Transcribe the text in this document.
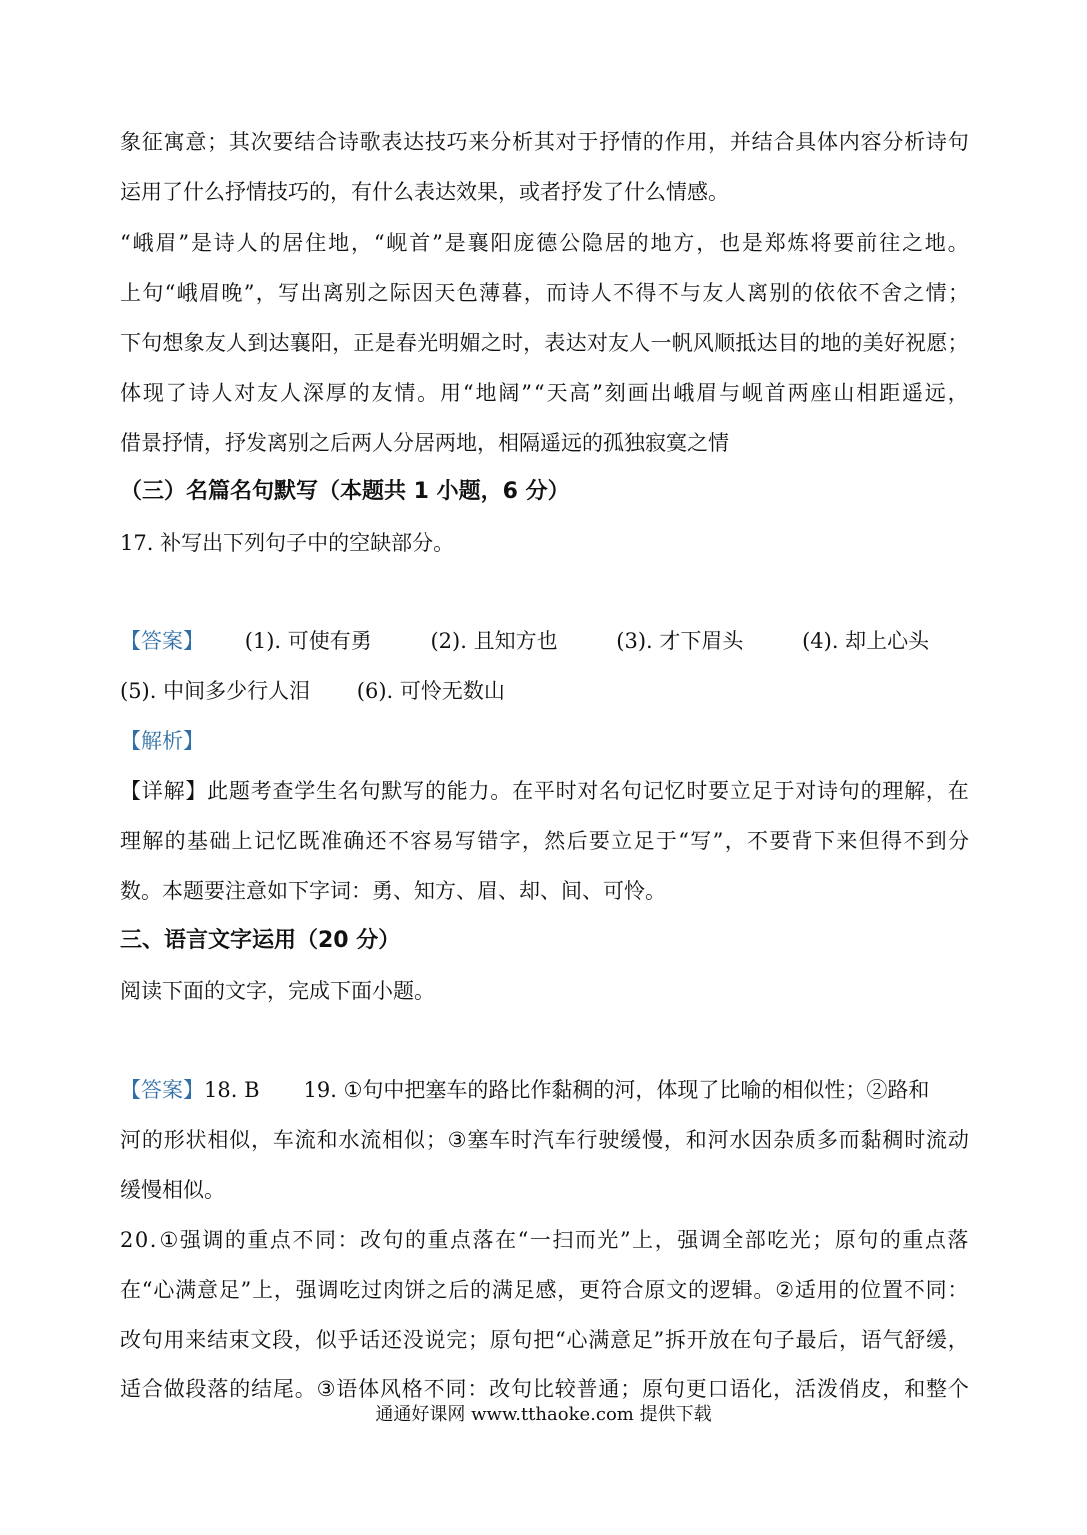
象 征 寓 意 ； 其 次 要 结 合 诗 歌 表 达 技 巧 来 分 析 其 对 于 抒 情 的 作 用 ， 并 结 合 具 体 内 容 分 析 诗 句
运用了什么抒情技巧的，有什么表达效果，或者抒发了什么情感。
“ 峨 眉 ” 是 诗 人 的 居 住 地 ， “ 岘 首 ” 是 襄 阳 庞 德 公 隐 居 的 地 方 ， 也 是 郑 炼 将 要 前 往 之 地 。
上 句 “ 峨 眉 晚 ” ， 写 出 离 别 之 际 因 天 色 薄 暮 ， 而 诗 人 不 得 不 与 友 人 离 别 的 依 依 不 舍 之 情 ；
下 句 想 象 友 人 到 达 襄 阳 ， 正 是 春 光 明 媚 之 时 ， 表 达 对 友 人 一 帆 风 顺 抵 达 目 的 地 的 美 好 祝 愿 ；
体 现 了 诗 人 对 友 人 深 厚 的 友 情 。 用 “ 地 阔 ” “ 天 高 ” 刻 画 出 峨 眉 与 岘 首 两 座 山 相 距 遥 远 ，
借景抒情，抒发离别之后两人分居两地，相隔遥远的孤独寂寞之情
（三）名篇名句默写（本题共 1 小题，6 分）
17. 补写出下列句子中的空缺部分。
【答案】 (1). 可使有勇	(2). 且知方也	(3). 才下眉头	(4). 却上心头
(5). 中间多少行人泪 (6). 可怜无数山
【解析】
【 详 解 】 此 题 考 查 学 生 名 句 默 写 的 能 力 。 在 平 时 对 名 句 记 忆 时 要 立 足 于 对 诗 句 的 理 解 ， 在
理 解 的 基 础 上 记 忆 既 准 确 还 不 容 易 写 错 字 ， 然 后 要 立 足 于 “ 写 ” ， 不 要 背 下 来 但 得 不 到 分
数。本题要注意如下字词：勇、知方、眉、却、间、可怜。
三、语言文字运用（20 分）
阅读下面的文字，完成下面小题。
【答案】18. B 19. ①句中把塞车的路比作黏稠的河，体现了比喻的相似性；②路和
河 的 形 状 相 似 ， 车 流 和 水 流 相 似 ； ③ 塞 车 时 汽 车 行 驶 缓 慢 ， 和 河 水 因 杂 质 多 而 黏 稠 时 流 动
缓慢相似。
2 0 . ① 强 调 的 重 点 不 同 ： 改 句 的 重 点 落 在 “ 一 扫 而 光 ” 上 ， 强 调 全 部 吃 光 ； 原 句 的 重 点 落
在 “ 心 满 意 足 ” 上 ， 强 调 吃 过 肉 饼 之 后 的 满 足 感 ， 更 符 合 原 文 的 逻 辑 。 ② 适 用 的 位 置 不 同 ：
改 句 用 来 结 束 文 段 ， 似 乎 话 还 没 说 完 ； 原 句 把 “ 心 满 意 足 ” 拆 开 放 在 句 子 最 后 ， 语 气 舒 缓 ，
适 合 做 段 落 的 结 尾 。 ③ 语 体 风 格 不 同 ： 改 句 比 较 普 通 ； 原 句 更 口 语 化 ， 活 泼 俏 皮 ， 和 整 个
通通好课网 www.tthaoke.com 提供下载
